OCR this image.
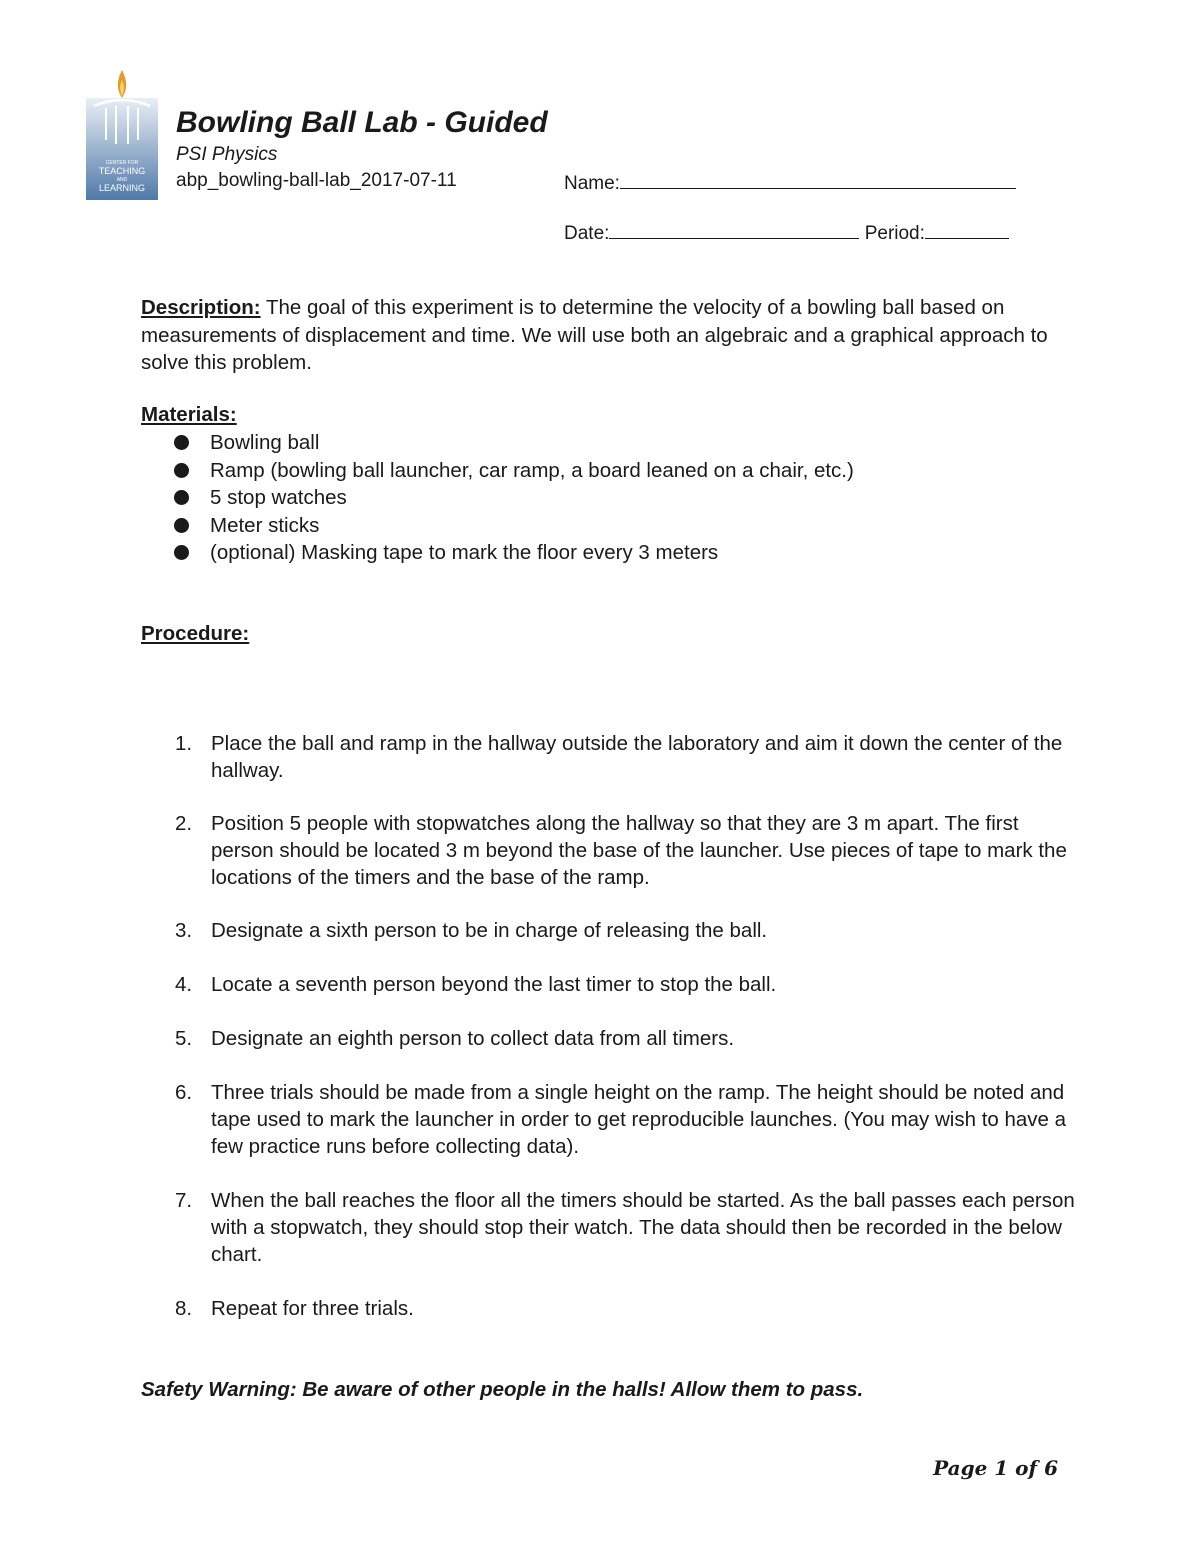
CENTER FOR
TEACHING
AND
LEARNING
Bowling Ball Lab - Guided
PSI Physics
abp_bowling-ball-lab_2017-07-11	Name:
Date:	Period:
Description: The goal of this experiment is to determine the velocity of a bowling ball based on measurements of displacement and time. We will use both an algebraic and a graphical approach to solve this problem.
Materials:
Bowling ball
Ramp (bowling ball launcher, car ramp, a board leaned on a chair, etc.)
5 stop watches
Meter sticks
(optional) Masking tape to mark the floor every 3 meters
Procedure:
1. Place the ball and ramp in the hallway outside the laboratory and aim it down the center of the hallway.
2. Position 5 people with stopwatches along the hallway so that they are 3 m apart. The first person should be located 3 m beyond the base of the launcher. Use pieces of tape to mark the locations of the timers and the base of the ramp.
3. Designate a sixth person to be in charge of releasing the ball.
4. Locate a seventh person beyond the last timer to stop the ball.
5. Designate an eighth person to collect data from all timers.
6. Three trials should be made from a single height on the ramp. The height should be noted and tape used to mark the launcher in order to get reproducible launches. (You may wish to have a few practice runs before collecting data).
7. When the ball reaches the floor all the timers should be started. As the ball passes each person with a stopwatch, they should stop their watch. The data should then be recorded in the below chart.
8. Repeat for three trials.
Safety Warning: Be aware of other people in the halls! Allow them to pass.
Page 1 of 6
